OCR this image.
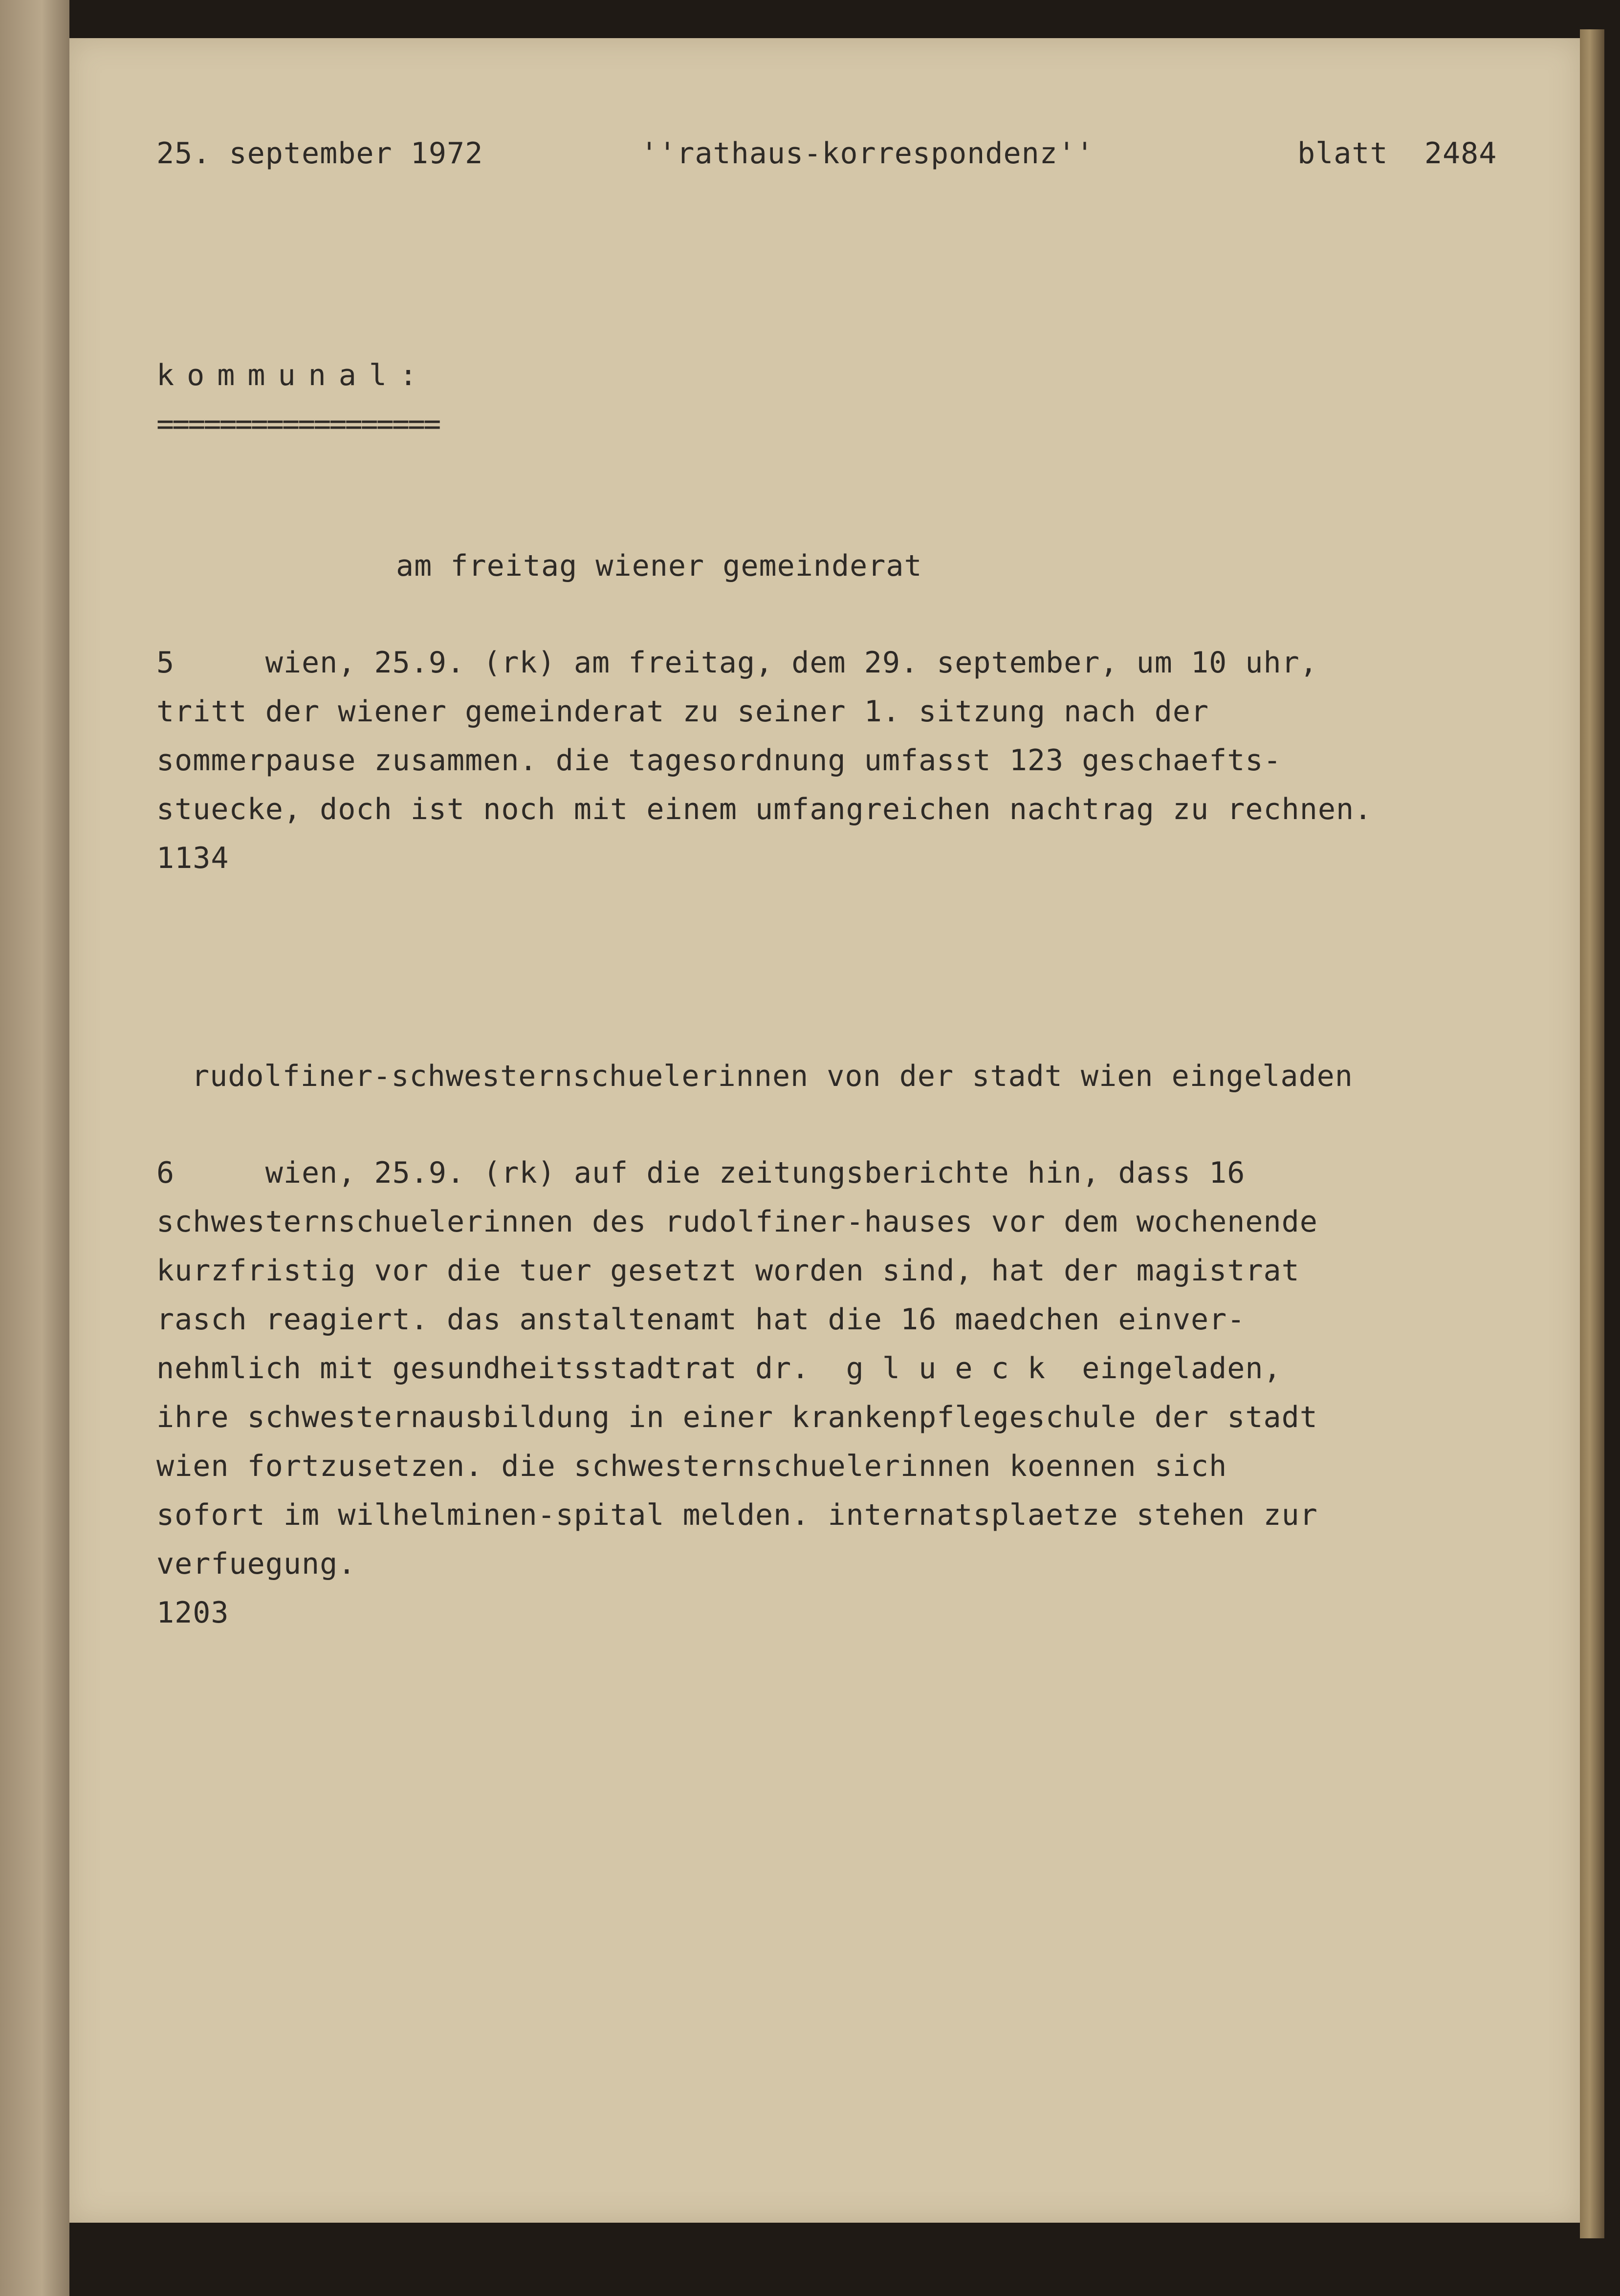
25. september 1972	''rathaus-korrespondenz''	blatt  2484
kommunal:
==================
am freitag wiener gemeinderat
5     wien, 25.9. (rk) am freitag, dem 29. september, um 10 uhr,
tritt der wiener gemeinderat zu seiner 1. sitzung nach der
sommerpause zusammen. die tagesordnung umfasst 123 geschaefts-
stuecke, doch ist noch mit einem umfangreichen nachtrag zu rechnen.
1134
rudolfiner-schwesternschuelerinnen von der stadt wien eingeladen
6     wien, 25.9. (rk) auf die zeitungsberichte hin, dass 16
schwesternschuelerinnen des rudolfiner-hauses vor dem wochenende
kurzfristig vor die tuer gesetzt worden sind, hat der magistrat
rasch reagiert. das anstaltenamt hat die 16 maedchen einver-
nehmlich mit gesundheitsstadtrat dr.  g l u e c k  eingeladen,
ihre schwesternausbildung in einer krankenpflegeschule der stadt
wien fortzusetzen. die schwesternschuelerinnen koennen sich
sofort im wilhelminen-spital melden. internatsplaetze stehen zur
verfuegung.
1203
